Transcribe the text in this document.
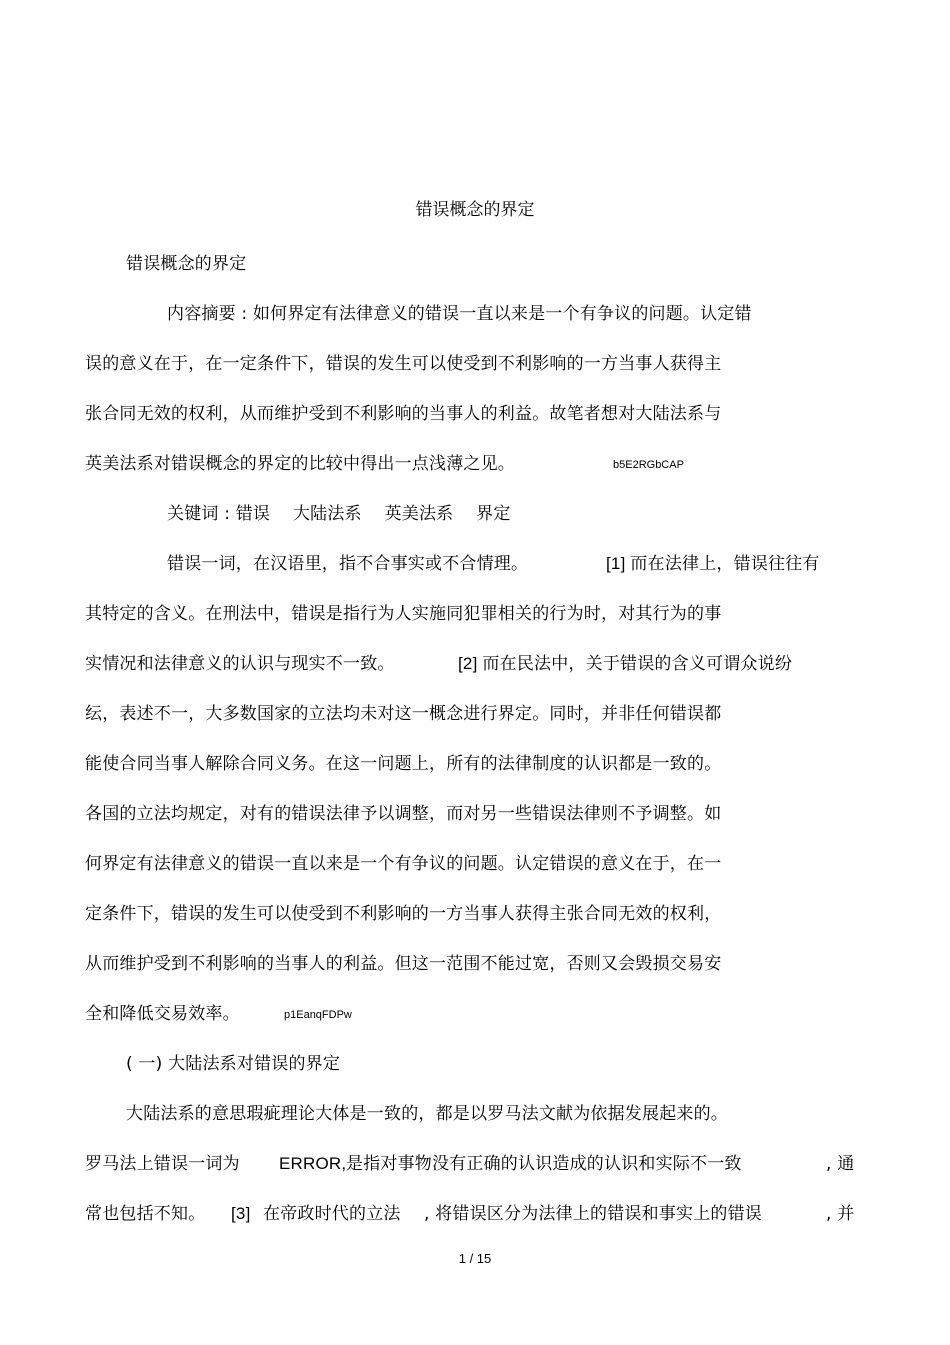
错误概念的界定
错误概念的界定
内容摘要 : 如何界定有法律意义的错误一直以来是一个有争议的问题。认定错
误的意义在于，在一定条件下，错误的发生可以使受到不利影响的一方当事人获得主
张合同无效的权利，从而维护受到不利影响的当事人的利益。故笔者想对大陆法系与
英美法系对错误概念的界定的比较中得出一点浅薄之见。	b5E2RGbCAP
关键词 : 错误　 大陆法系　 英美法系　 界定
错误一词，在汉语里，指不合事实或不合情理。	[1] 而在法律上，错误往往有
其特定的含义。在刑法中，错误是指行为人实施同犯罪相关的行为时，对其行为的事
实情况和法律意义的认识与现实不一致。	[2] 而在民法中，关于错误的含义可谓众说纷
纭，表述不一，大多数国家的立法均未对这一概念进行界定。同时，并非任何错误都
能使合同当事人解除合同义务。在这一问题上，所有的法律制度的认识都是一致的。
各国的立法均规定，对有的错误法律予以调整，而对另一些错误法律则不予调整。如
何界定有法律意义的错误一直以来是一个有争议的问题。认定错误的意义在于，在一
定条件下，错误的发生可以使受到不利影响的一方当事人获得主张合同无效的权利，
从而维护受到不利影响的当事人的利益。但这一范围不能过宽，否则又会毁损交易安
全和降低交易效率。	p1EanqFDPw
( 一) 大陆法系对错误的界定
大陆法系的意思瑕疵理论大体是一致的，都是以罗马法文献为依据发展起来的。
罗马法上错误一词为 ERROR, 是指对事物没有正确的认识造成的认识和实际不一致	, 通
常也包括不知。 [3] 在帝政时代的立法 , 将错误区分为法律上的错误和事实上的错误	, 并
1 / 15
